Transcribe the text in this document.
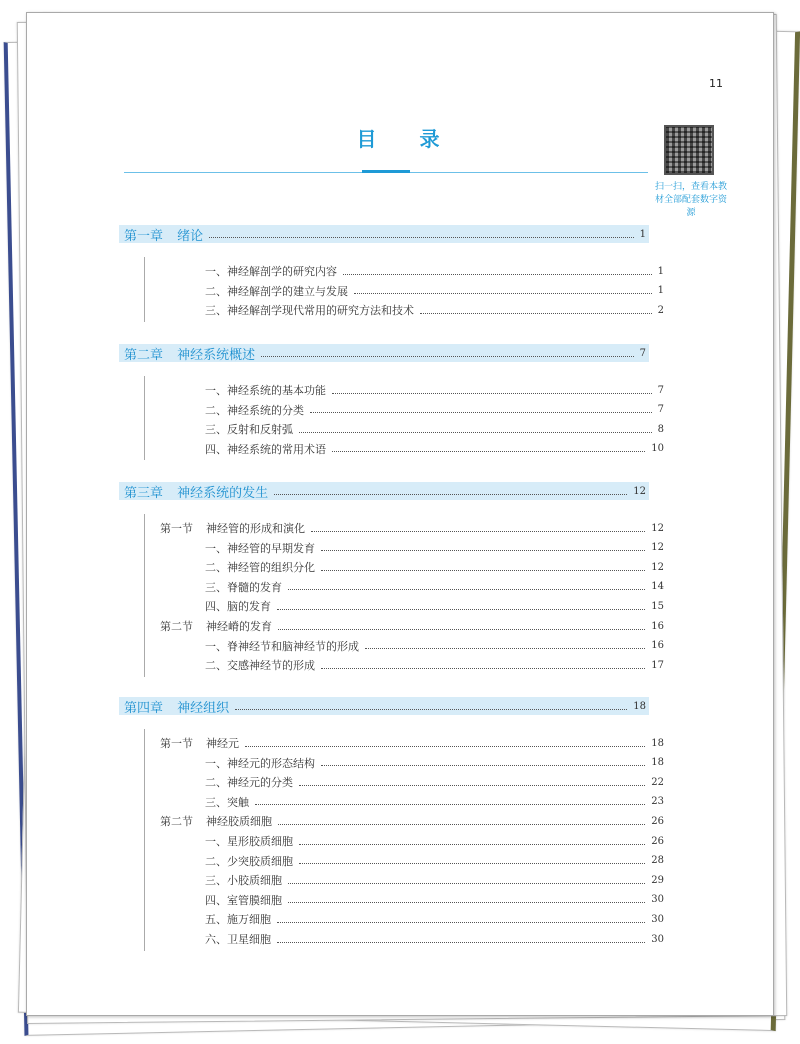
11
目 录
扫一扫，查看本教材全部配套数字资源
第一章 绪论	1
一、神经解剖学的研究内容	1
二、神经解剖学的建立与发展	1
三、神经解剖学现代常用的研究方法和技术	2
第二章 神经系统概述	7
一、神经系统的基本功能	7
二、神经系统的分类	7
三、反射和反射弧	8
四、神经系统的常用术语	10
第三章 神经系统的发生	12
第一节	神经管的形成和演化	12
一、神经管的早期发育	12
二、神经管的组织分化	12
三、脊髓的发育	14
四、脑的发育	15
第二节	神经嵴的发育	16
一、脊神经节和脑神经节的形成	16
二、交感神经节的形成	17
第四章 神经组织	18
第一节	神经元	18
一、神经元的形态结构	18
二、神经元的分类	22
三、突触	23
第二节	神经胶质细胞	26
一、星形胶质细胞	26
二、少突胶质细胞	28
三、小胶质细胞	29
四、室管膜细胞	30
五、施万细胞	30
六、卫星细胞	30
